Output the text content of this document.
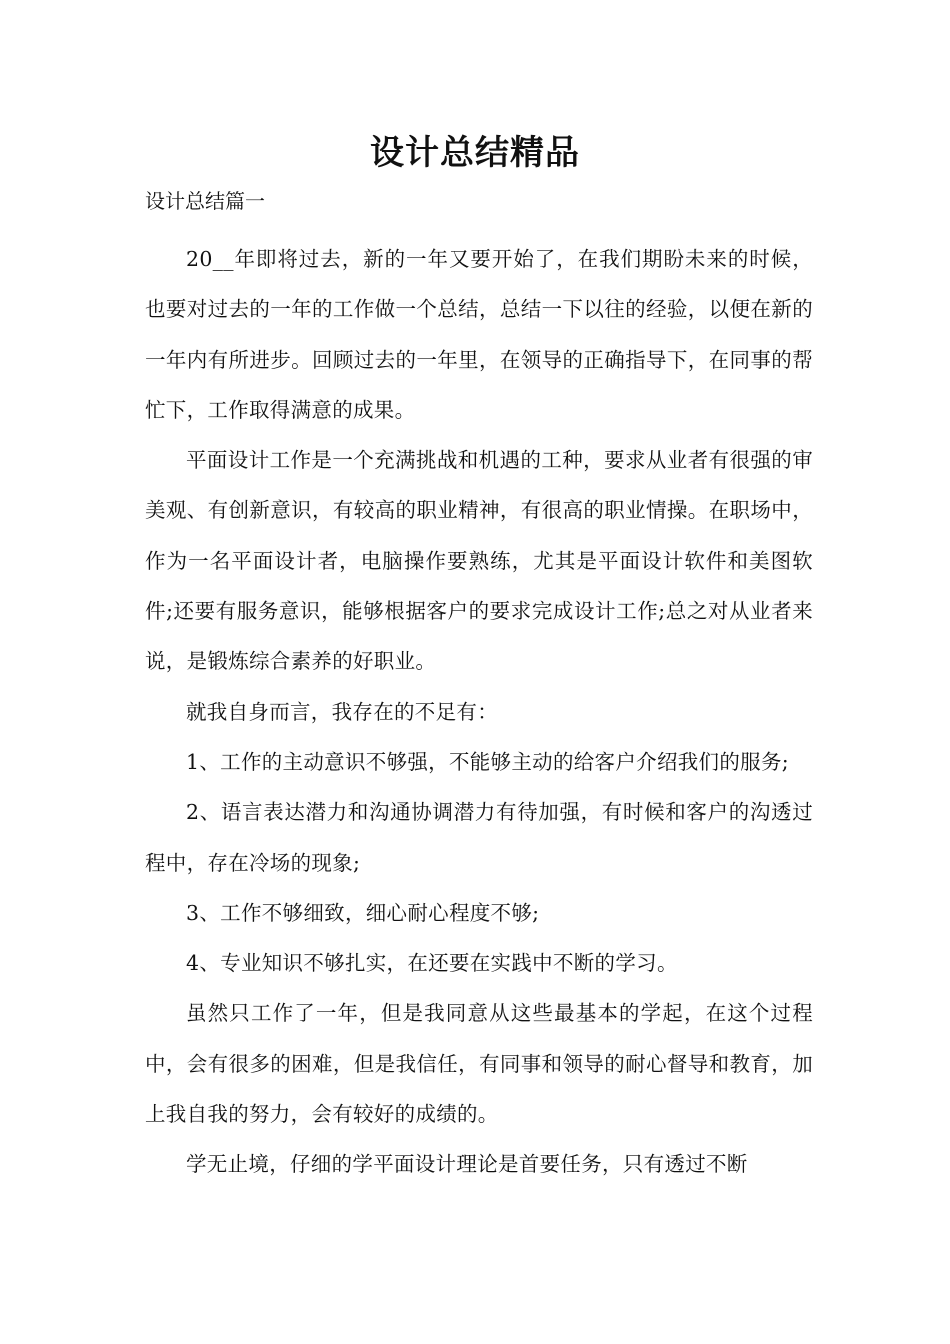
设计总结精品

设计总结篇一

20__年即将过去，新的一年又要开始了，在我们期盼未来的时候，也要对过去的一年的工作做一个总结，总结一下以往的经验，以便在新的一年内有所进步。回顾过去的一年里，在领导的正确指导下，在同事的帮忙下，工作取得满意的成果。

平面设计工作是一个充满挑战和机遇的工种，要求从业者有很强的审美观、有创新意识，有较高的职业精神，有很高的职业情操。在职场中，作为一名平面设计者，电脑操作要熟练，尤其是平面设计软件和美图软件;还要有服务意识，能够根据客户的要求完成设计工作;总之对从业者来说，是锻炼综合素养的好职业。

就我自身而言，我存在的不足有：

1、工作的主动意识不够强，不能够主动的给客户介绍我们的服务;

2、语言表达潜力和沟通协调潜力有待加强，有时候和客户的沟透过程中，存在冷场的现象;

3、工作不够细致，细心耐心程度不够;

4、专业知识不够扎实，在还要在实践中不断的学习。

虽然只工作了一年，但是我同意从这些最基本的学起，在这个过程中，会有很多的困难，但是我信任，有同事和领导的耐心督导和教育，加上我自我的努力，会有较好的成绩的。

学无止境，仔细的学平面设计理论是首要任务，只有透过不断
